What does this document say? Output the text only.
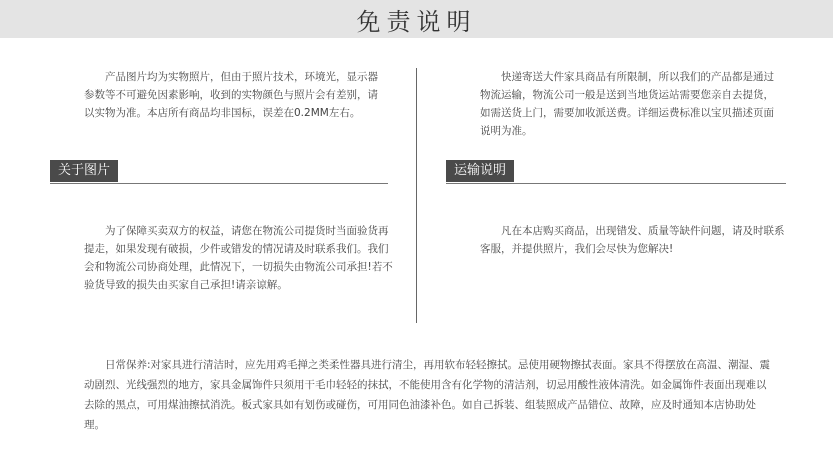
免责说明

产品图片均为实物照片，但由于照片技术，环境光，显示器参数等不可避免因素影响，收到的实物颜色与照片会有差别，请以实物为准。本店所有商品均非国标，误差在0.2MM左右。

快递寄送大件家具商品有所限制，所以我们的产品都是通过物流运输，物流公司一般是送到当地货运站需要您亲自去提货，如需送货上门，需要加收派送费。详细运费标准以宝贝描述页面说明为准。

关于图片	运输说明

为了保障买卖双方的权益，请您在物流公司提货时当面验货再提走，如果发现有破损，少件或错发的情况请及时联系我们。我们会和物流公司协商处理，此情况下，一切损失由物流公司承担!若不验货导致的损失由买家自己承担!请亲谅解。

凡在本店购买商品，出现错发、质量等缺件问题，请及时联系客服，并提供照片，我们会尽快为您解决!

日常保养:对家具进行清洁时，应先用鸡毛掸之类柔性器具进行清尘，再用软布轻轻擦拭。忌使用硬物擦拭表面。家具不得摆放在高温、潮湿、震动剧烈、光线强烈的地方，家具金属饰件只须用干毛巾轻轻的抹拭，不能使用含有化学物的清洁剂，切忌用酸性液体清洗。如金属饰件表面出现难以去除的黑点，可用煤油擦拭消洗。板式家具如有划伤或碰伤，可用同色油漆补色。如自己拆装、组装照成产品错位、故障，应及时通知本店协助处理。
